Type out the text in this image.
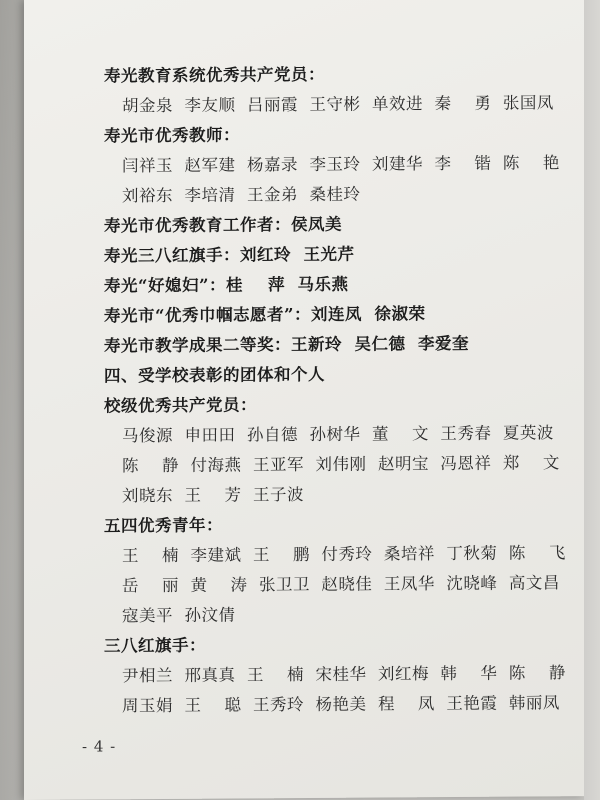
寿光教育系统优秀共产党员：
胡金泉  李友顺  吕丽霞  王守彬  单效进  秦    勇  张国凤
寿光市优秀教师：
闫祥玉  赵军建  杨嘉录  李玉玲  刘建华  李    锴  陈    艳
刘裕东  李培清  王金弟  桑桂玲
寿光市优秀教育工作者：侯凤美
寿光三八红旗手：刘红玲  王光芹
寿光“好媳妇”：桂    萍  马乐燕
寿光市“优秀巾帼志愿者”：刘连凤  徐淑荣
寿光市教学成果二等奖：王新玲  吴仁德  李爱奎
四、受学校表彰的团体和个人
校级优秀共产党员：
马俊源  申田田  孙自德  孙树华  董    文  王秀春  夏英波
陈    静  付海燕  王亚军  刘伟刚  赵明宝  冯恩祥  郑    文
刘晓东  王    芳  王子波
五四优秀青年：
王    楠  李建斌  王    鹏  付秀玲  桑培祥  丁秋菊  陈    飞
岳    丽  黄    涛  张卫卫  赵晓佳  王凤华  沈晓峰  高文昌
寇美平  孙汶倩
三八红旗手：
尹相兰  邢真真  王    楠  宋桂华  刘红梅  韩    华  陈    静
周玉娟  王    聪  王秀玲  杨艳美  程    凤  王艳霞  韩丽凤
- 4 -
